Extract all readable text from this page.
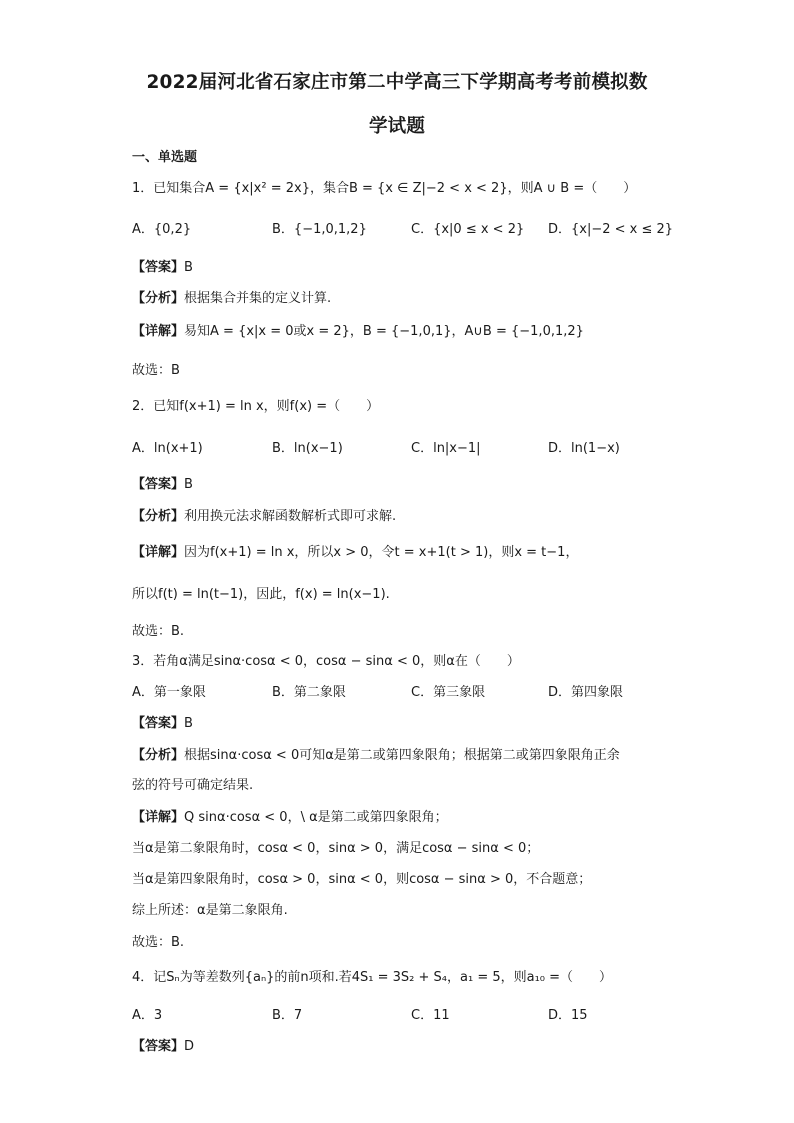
2022届河北省石家庄市第二中学高三下学期高考考前模拟数
学试题
一、单选题
1．已知集合A = {x|x² = 2x}，集合B = {x ∈ Z|−2 < x < 2}，则A ∪ B =（　　）
A．{0,2}	B．{−1,0,1,2}	C．{x|0 ≤ x < 2} D．{x|−2 < x ≤ 2}
【答案】B
【分析】根据集合并集的定义计算.
【详解】易知A = {x|x = 0或x = 2}，B = {−1,0,1}，A∪B = {−1,0,1,2}
故选：B
2．已知f(x+1) = ln x，则f(x) =（　　）
A．ln(x+1)	B．ln(x−1)	C．ln|x−1|	D．ln(1−x)
【答案】B
【分析】利用换元法求解函数解析式即可求解.
【详解】因为f(x+1) = ln x，所以x > 0，令t = x+1(t > 1)，则x = t−1，
所以f(t) = ln(t−1)，因此，f(x) = ln(x−1).
故选：B.
3．若角α满足sinα·cosα < 0，cosα − sinα < 0，则α在（　　）
A．第一象限	B．第二象限	C．第三象限	D．第四象限
【答案】B
【分析】根据sinα·cosα < 0可知α是第二或第四象限角；根据第二或第四象限角正余
弦的符号可确定结果.
【详解】Q sinα·cosα < 0，\ α是第二或第四象限角；
当α是第二象限角时，cosα < 0，sinα > 0，满足cosα − sinα < 0；
当α是第四象限角时，cosα > 0，sinα < 0，则cosα − sinα > 0，不合题意；
综上所述：α是第二象限角.
故选：B.
4．记Sₙ为等差数列{aₙ}的前n项和.若4S₁ = 3S₂ + S₄，a₁ = 5，则a₁₀ =（　　）
A．3	B．7	C．11	D．15
【答案】D
